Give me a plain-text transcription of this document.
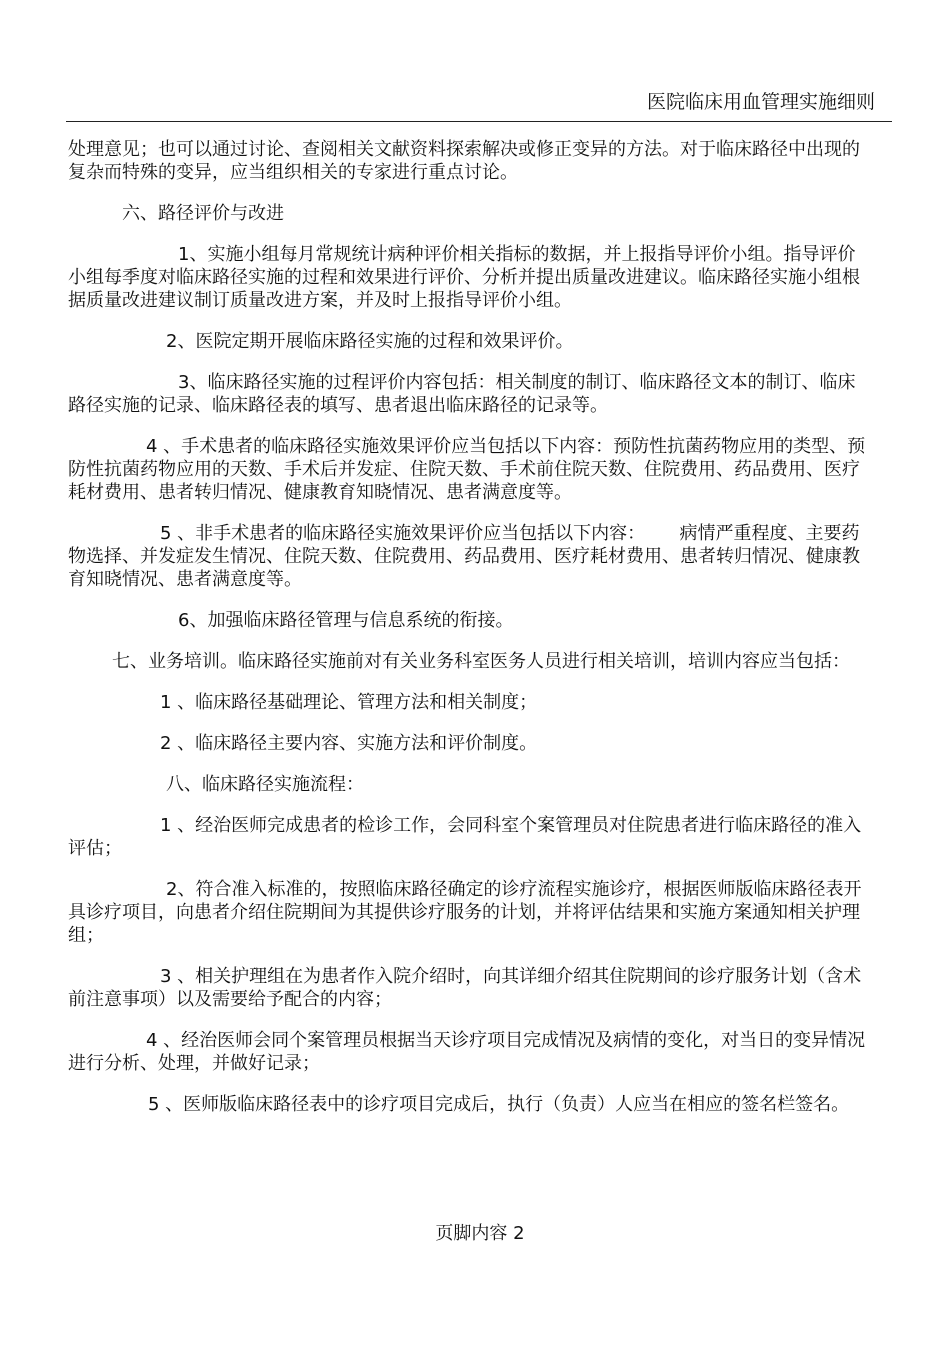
医院临床用血管理实施细则

处理意见；也可以通过讨论、查阅相关文献资料探索解决或修正变异的方法。对于临床路径中出现的复杂而特殊的变异，应当组织相关的专家进行重点讨论。

六、路径评价与改进

1、实施小组每月常规统计病种评价相关指标的数据，并上报指导评价小组。指导评价小组每季度对临床路径实施的过程和效果进行评价、分析并提出质量改进建议。临床路径实施小组根据质量改进建议制订质量改进方案，并及时上报指导评价小组。

2、医院定期开展临床路径实施的过程和效果评价。

3、临床路径实施的过程评价内容包括：相关制度的制订、临床路径文本的制订、临床路径实施的记录、临床路径表的填写、患者退出临床路径的记录等。

4 、手术患者的临床路径实施效果评价应当包括以下内容：预防性抗菌药物应用的类型、预防性抗菌药物应用的天数、手术后并发症、住院天数、手术前住院天数、住院费用、药品费用、医疗耗材费用、患者转归情况、健康教育知晓情况、患者满意度等。

5 、非手术患者的临床路径实施效果评价应当包括以下内容：      病情严重程度、主要药物选择、并发症发生情况、住院天数、住院费用、药品费用、医疗耗材费用、患者转归情况、健康教育知晓情况、患者满意度等。

6、加强临床路径管理与信息系统的衔接。

七、业务培训。临床路径实施前对有关业务科室医务人员进行相关培训，培训内容应当包括：

1 、临床路径基础理论、管理方法和相关制度；

2 、临床路径主要内容、实施方法和评价制度。

八、临床路径实施流程：

1 、经治医师完成患者的检诊工作，会同科室个案管理员对住院患者进行临床路径的准入评估；

2、符合准入标准的，按照临床路径确定的诊疗流程实施诊疗，根据医师版临床路径表开具诊疗项目，向患者介绍住院期间为其提供诊疗服务的计划，并将评估结果和实施方案通知相关护理组；

3 、相关护理组在为患者作入院介绍时，向其详细介绍其住院期间的诊疗服务计划（含术前注意事项）以及需要给予配合的内容；

4 、经治医师会同个案管理员根据当天诊疗项目完成情况及病情的变化，对当日的变异情况进行分析、处理，并做好记录；

5 、医师版临床路径表中的诊疗项目完成后，执行（负责）人应当在相应的签名栏签名。

页脚内容 2
